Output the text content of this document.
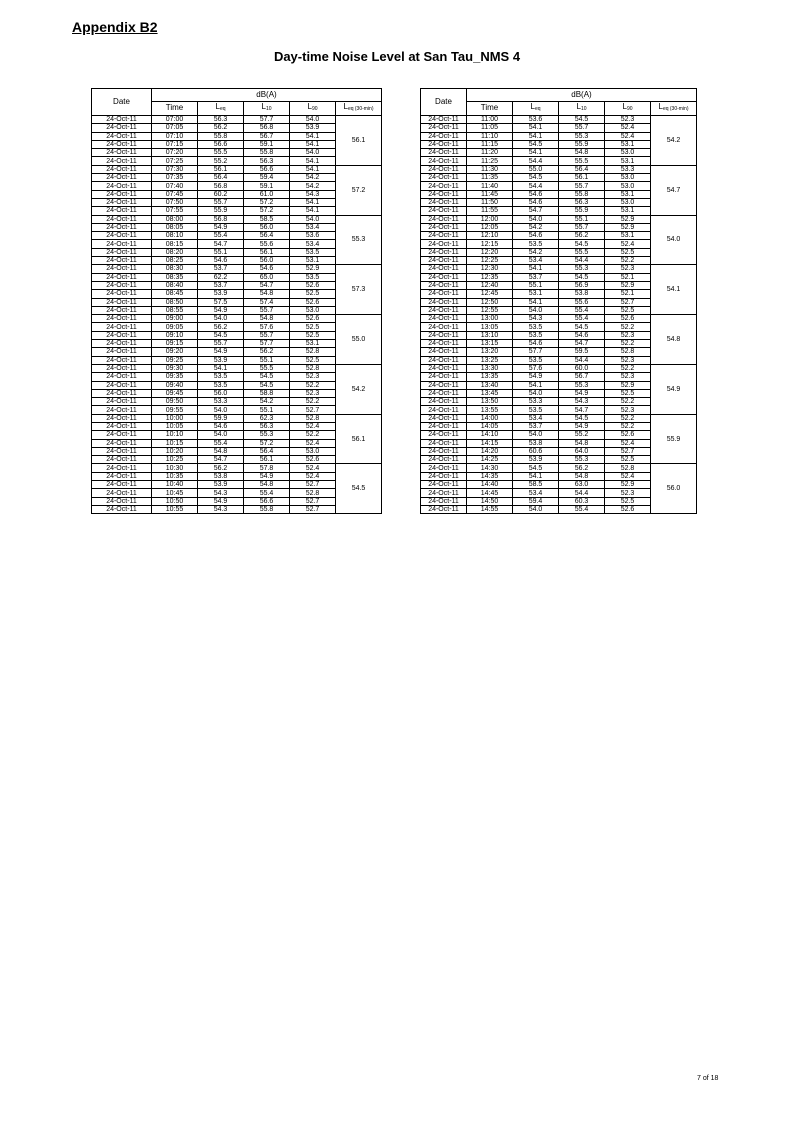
Appendix B2
Day-time Noise Level at San Tau_NMS 4
Date	dB(A)				
	Time	$L_{eq}$	$L_{10}$	$L_{90}$	$L_{eq (30-min)}$
24-Oct-11	07:00	56.3	57.7	54.0	56.1
24-Oct-11	07:05	56.2	56.8	53.9	
24-Oct-11	07:10	55.8	56.7	54.1	
24-Oct-11	07:15	56.6	59.1	54.1	
24-Oct-11	07:20	55.5	55.8	54.0	
24-Oct-11	07:25	55.2	56.3	54.1	
24-Oct-11	07:30	56.1	56.6	54.1	57.2
24-Oct-11	07:35	56.4	59.4	54.2	
24-Oct-11	07:40	56.8	59.1	54.2	
24-Oct-11	07:45	60.2	61.0	54.3	
24-Oct-11	07:50	55.7	57.2	54.1	
24-Oct-11	07:55	55.9	57.2	54.1	
24-Oct-11	08:00	56.8	58.5	54.0	55.3
24-Oct-11	08:05	54.9	56.0	53.4	
24-Oct-11	08:10	55.4	56.4	53.6	
24-Oct-11	08:15	54.7	55.6	53.4	
24-Oct-11	08:20	55.1	56.1	53.5	
24-Oct-11	08:25	54.6	56.0	53.1	
24-Oct-11	08:30	53.7	54.6	52.9	57.3
24-Oct-11	08:35	62.2	65.0	53.5	
24-Oct-11	08:40	53.7	54.7	52.6	
24-Oct-11	08:45	53.9	54.8	52.5	
24-Oct-11	08:50	57.5	57.4	52.6	
24-Oct-11	08:55	54.9	55.7	53.0	
24-Oct-11	09:00	54.0	54.8	52.6	55.0
24-Oct-11	09:05	56.2	57.6	52.5	
24-Oct-11	09:10	54.5	55.7	52.5	
24-Oct-11	09:15	55.7	57.7	53.1	
24-Oct-11	09:20	54.9	56.2	52.8	
24-Oct-11	09:25	53.9	55.1	52.5	
24-Oct-11	09:30	54.1	55.5	52.8	54.2
24-Oct-11	09:35	53.5	54.5	52.3	
24-Oct-11	09:40	53.5	54.5	52.2	
24-Oct-11	09:45	56.0	58.8	52.3	
24-Oct-11	09:50	53.3	54.2	52.2	
24-Oct-11	09:55	54.0	55.1	52.7	
24-Oct-11	10:00	59.9	62.3	52.8	56.1
24-Oct-11	10:05	54.6	56.3	52.4	
24-Oct-11	10:10	54.0	55.3	52.2	
24-Oct-11	10:15	55.4	57.2	52.4	
24-Oct-11	10:20	54.8	56.4	53.0	
24-Oct-11	10:25	54.7	56.1	52.6	
24-Oct-11	10:30	56.2	57.8	52.4	54.5
24-Oct-11	10:35	53.8	54.9	52.4	
24-Oct-11	10:40	53.9	54.8	52.7	
24-Oct-11	10:45	54.3	55.4	52.8	
24-Oct-11	10:50	54.9	56.6	52.7	
24-Oct-11	10:55	54.3	55.8	52.7	
Date	dB(A)				
	Time	$L_{eq}$	$L_{10}$	$L_{90}$	$L_{eq (30-min)}$
24-Oct-11	11:00	53.6	54.5	52.3	54.2
24-Oct-11	11:05	54.1	55.7	52.4	
24-Oct-11	11:10	54.1	55.3	52.4	
24-Oct-11	11:15	54.5	55.9	53.1	
24-Oct-11	11:20	54.1	54.8	53.0	
24-Oct-11	11:25	54.4	55.5	53.1	
24-Oct-11	11:30	55.0	56.4	53.3	54.7
24-Oct-11	11:35	54.5	56.1	53.0	
24-Oct-11	11:40	54.4	55.7	53.0	
24-Oct-11	11:45	54.6	55.8	53.1	
24-Oct-11	11:50	54.6	56.3	53.0	
24-Oct-11	11:55	54.7	55.9	53.1	
24-Oct-11	12:00	54.0	55.1	52.9	54.0
24-Oct-11	12:05	54.2	55.7	52.9	
24-Oct-11	12:10	54.6	56.2	53.1	
24-Oct-11	12:15	53.5	54.5	52.4	
24-Oct-11	12:20	54.2	55.5	52.5	
24-Oct-11	12:25	53.4	54.4	52.2	
24-Oct-11	12:30	54.1	55.3	52.3	54.1
24-Oct-11	12:35	53.7	54.5	52.1	
24-Oct-11	12:40	55.1	56.9	52.9	
24-Oct-11	12:45	53.1	53.8	52.1	
24-Oct-11	12:50	54.1	55.6	52.7	
24-Oct-11	12:55	54.0	55.4	52.5	
24-Oct-11	13:00	54.3	55.4	52.6	54.8
24-Oct-11	13:05	53.5	54.5	52.2	
24-Oct-11	13:10	53.5	54.6	52.3	
24-Oct-11	13:15	54.6	54.7	52.2	
24-Oct-11	13:20	57.7	59.5	52.8	
24-Oct-11	13:25	53.5	54.4	52.3	
24-Oct-11	13:30	57.6	60.0	52.2	54.9
24-Oct-11	13:35	54.9	56.7	52.3	
24-Oct-11	13:40	54.1	55.3	52.9	
24-Oct-11	13:45	54.0	54.9	52.5	
24-Oct-11	13:50	53.3	54.3	52.2	
24-Oct-11	13:55	53.5	54.7	52.3	
24-Oct-11	14:00	53.4	54.5	52.2	55.9
24-Oct-11	14:05	53.7	54.9	52.2	
24-Oct-11	14:10	54.0	55.2	52.6	
24-Oct-11	14:15	53.8	54.8	52.4	
24-Oct-11	14:20	60.6	64.0	52.7	
24-Oct-11	14:25	53.9	55.3	52.5	
24-Oct-11	14:30	54.5	56.2	52.8	56.0
24-Oct-11	14:35	54.1	54.8	52.4	
24-Oct-11	14:40	58.5	63.0	52.9	
24-Oct-11	14:45	53.4	54.4	52.3	
24-Oct-11	14:50	59.4	60.3	52.5	
24-Oct-11	14:55	54.0	55.4	52.6	
7 of 18
